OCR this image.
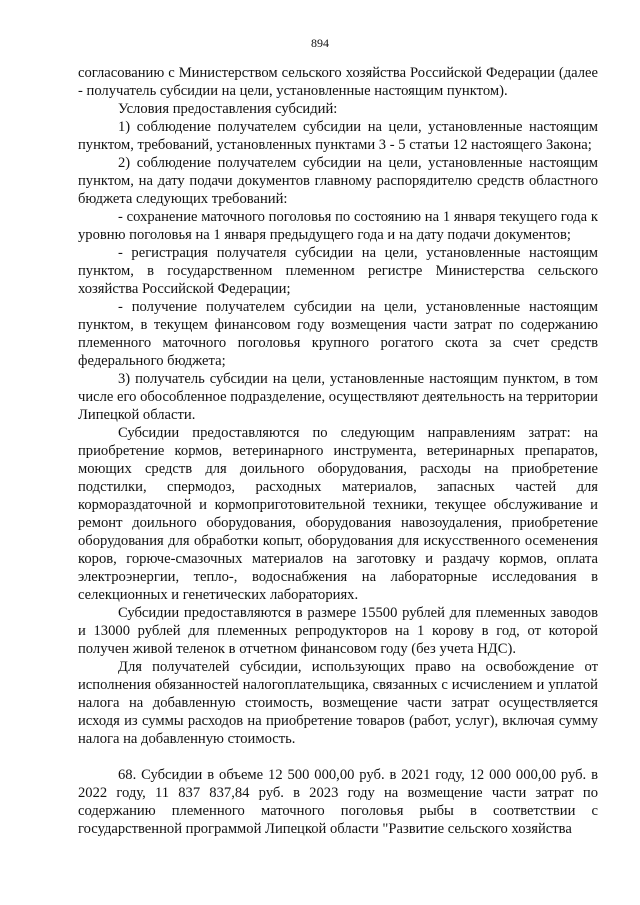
894

согласованию с Министерством сельского хозяйства Российской Федерации (далее - получатель субсидии на цели, установленные настоящим пунктом).

Условия предоставления субсидий:

1) соблюдение получателем субсидии на цели, установленные настоящим пунктом, требований, установленных пунктами 3 - 5 статьи 12 настоящего Закона;

2) соблюдение получателем субсидии на цели, установленные настоящим пунктом, на дату подачи документов главному распорядителю средств областного бюджета следующих требований:

- сохранение маточного поголовья по состоянию на 1 января текущего года к уровню поголовья на 1 января предыдущего года и на дату подачи документов;

- регистрация получателя субсидии на цели, установленные настоящим пунктом, в государственном племенном регистре Министерства сельского хозяйства Российской Федерации;

- получение получателем субсидии на цели, установленные настоящим пунктом, в текущем финансовом году возмещения части затрат по содержанию племенного маточного поголовья крупного рогатого скота за счет средств федерального бюджета;

3) получатель субсидии на цели, установленные настоящим пунктом, в том числе его обособленное подразделение, осуществляют деятельность на территории Липецкой области.

Субсидии предоставляются по следующим направлениям затрат: на приобретение кормов, ветеринарного инструмента, ветеринарных препаратов, моющих средств для доильного оборудования, расходы на приобретение подстилки, спермодоз, расходных материалов, запасных частей для кормораздаточной и кормоприготовительной техники, текущее обслуживание и ремонт доильного оборудования, оборудования навозоудаления, приобретение оборудования для обработки копыт, оборудования для искусственного осеменения коров, горюче-смазочных материалов на заготовку и раздачу кормов, оплата электроэнергии, тепло-, водоснабжения на лабораторные исследования в селекционных и генетических лабораториях.

Субсидии предоставляются в размере 15500 рублей для племенных заводов и 13000 рублей для племенных репродукторов на 1 корову в год, от которой получен живой теленок в отчетном финансовом году (без учета НДС).

Для получателей субсидии, использующих право на освобождение от исполнения обязанностей налогоплательщика, связанных с исчислением и уплатой налога на добавленную стоимость, возмещение части затрат осуществляется исходя из суммы расходов на приобретение товаров (работ, услуг), включая сумму налога на добавленную стоимость.

68. Субсидии в объеме 12 500 000,00 руб. в 2021 году, 12 000 000,00 руб. в 2022 году, 11 837 837,84 руб. в 2023 году на возмещение части затрат по содержанию племенного маточного поголовья рыбы в соответствии с государственной программой Липецкой области "Развитие сельского хозяйства
